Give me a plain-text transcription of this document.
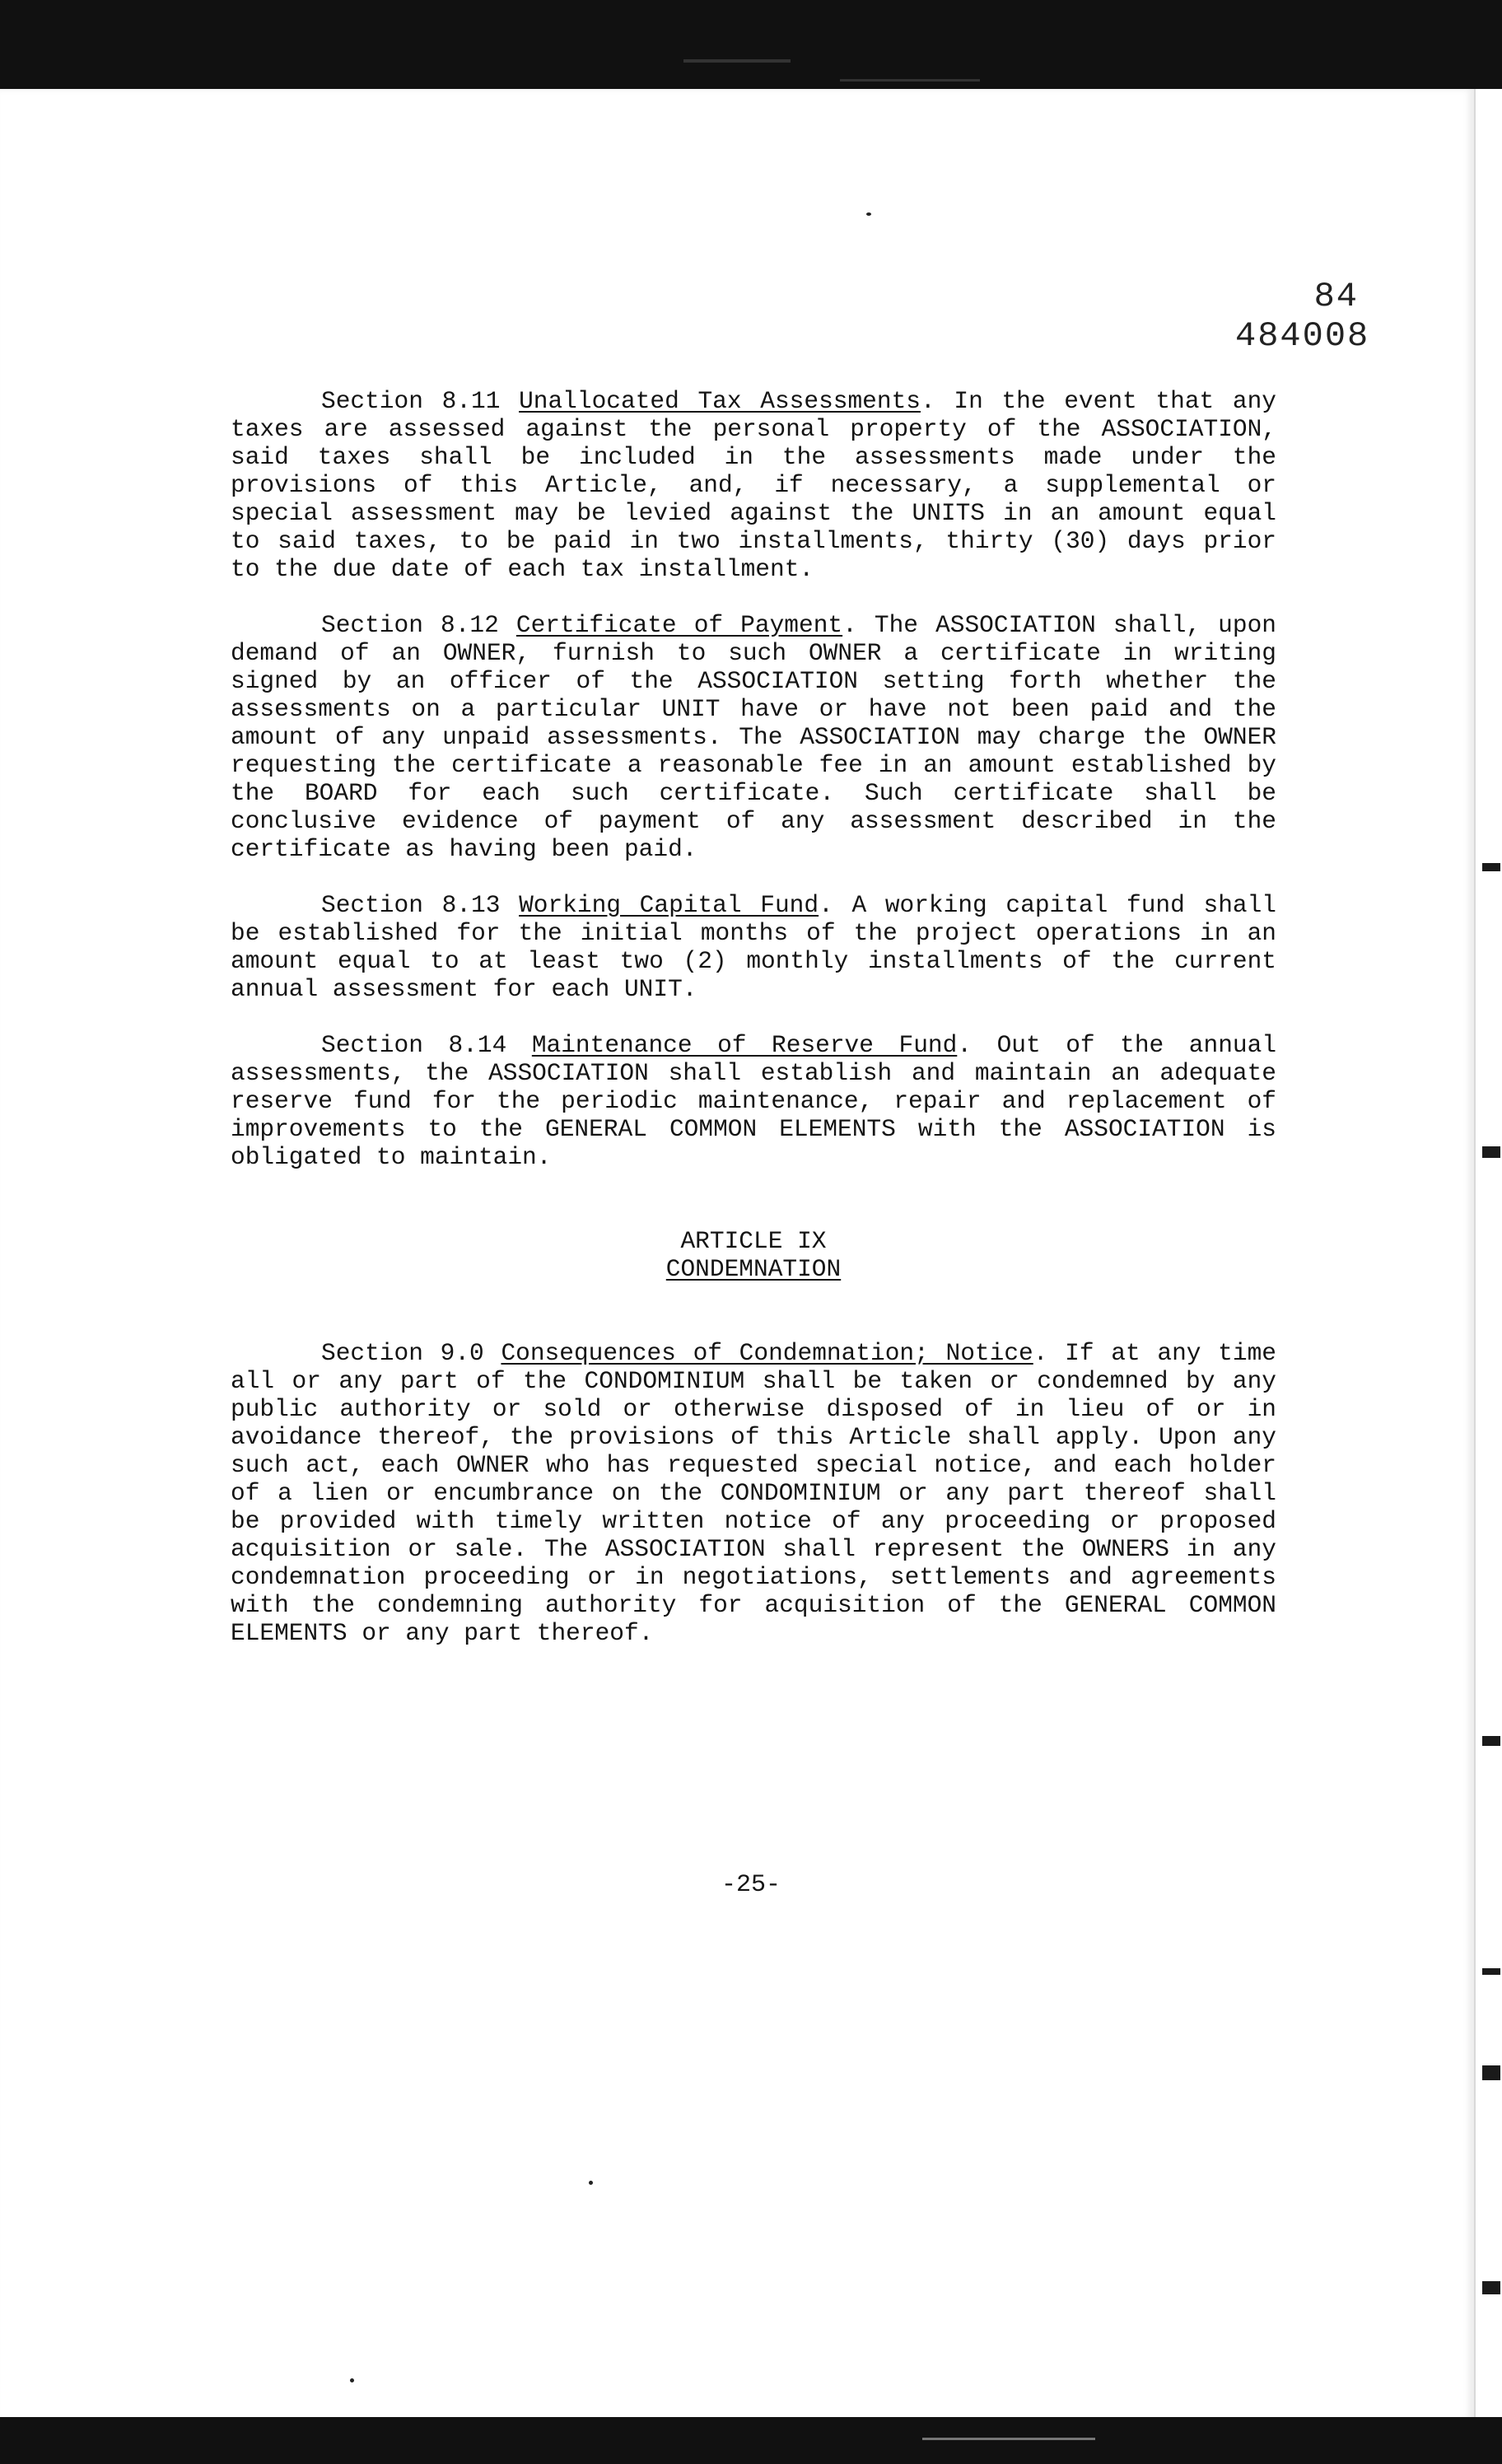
84 484008

Section 8.11 Unallocated Tax Assessments. In the event that any taxes are assessed against the personal property of the ASSOCIATION, said taxes shall be included in the assessments made under the provisions of this Article, and, if necessary, a supplemental or special assessment may be levied against the UNITS in an amount equal to said taxes, to be paid in two installments, thirty (30) days prior to the due date of each tax installment.

Section 8.12 Certificate of Payment. The ASSOCIATION shall, upon demand of an OWNER, furnish to such OWNER a certificate in writing signed by an officer of the ASSOCIATION setting forth whether the assessments on a particular UNIT have or have not been paid and the amount of any unpaid assessments. The ASSOCIATION may charge the OWNER requesting the certificate a reasonable fee in an amount established by the BOARD for each such certificate. Such certificate shall be conclusive evidence of payment of any assessment described in the certificate as having been paid.

Section 8.13 Working Capital Fund. A working capital fund shall be established for the initial months of the project operations in an amount equal to at least two (2) monthly installments of the current annual assessment for each UNIT.

Section 8.14 Maintenance of Reserve Fund. Out of the annual assessments, the ASSOCIATION shall establish and maintain an adequate reserve fund for the periodic maintenance, repair and replacement of improvements to the GENERAL COMMON ELEMENTS with the ASSOCIATION is obligated to maintain.

ARTICLE IX
CONDEMNATION

Section 9.0 Consequences of Condemnation; Notice. If at any time all or any part of the CONDOMINIUM shall be taken or condemned by any public authority or sold or otherwise disposed of in lieu of or in avoidance thereof, the provisions of this Article shall apply. Upon any such act, each OWNER who has requested special notice, and each holder of a lien or encumbrance on the CONDOMINIUM or any part thereof shall be provided with timely written notice of any proceeding or proposed acquisition or sale. The ASSOCIATION shall represent the OWNERS in any condemnation proceeding or in negotiations, settlements and agreements with the condemning authority for acquisition of the GENERAL COMMON ELEMENTS or any part thereof.

-25-
